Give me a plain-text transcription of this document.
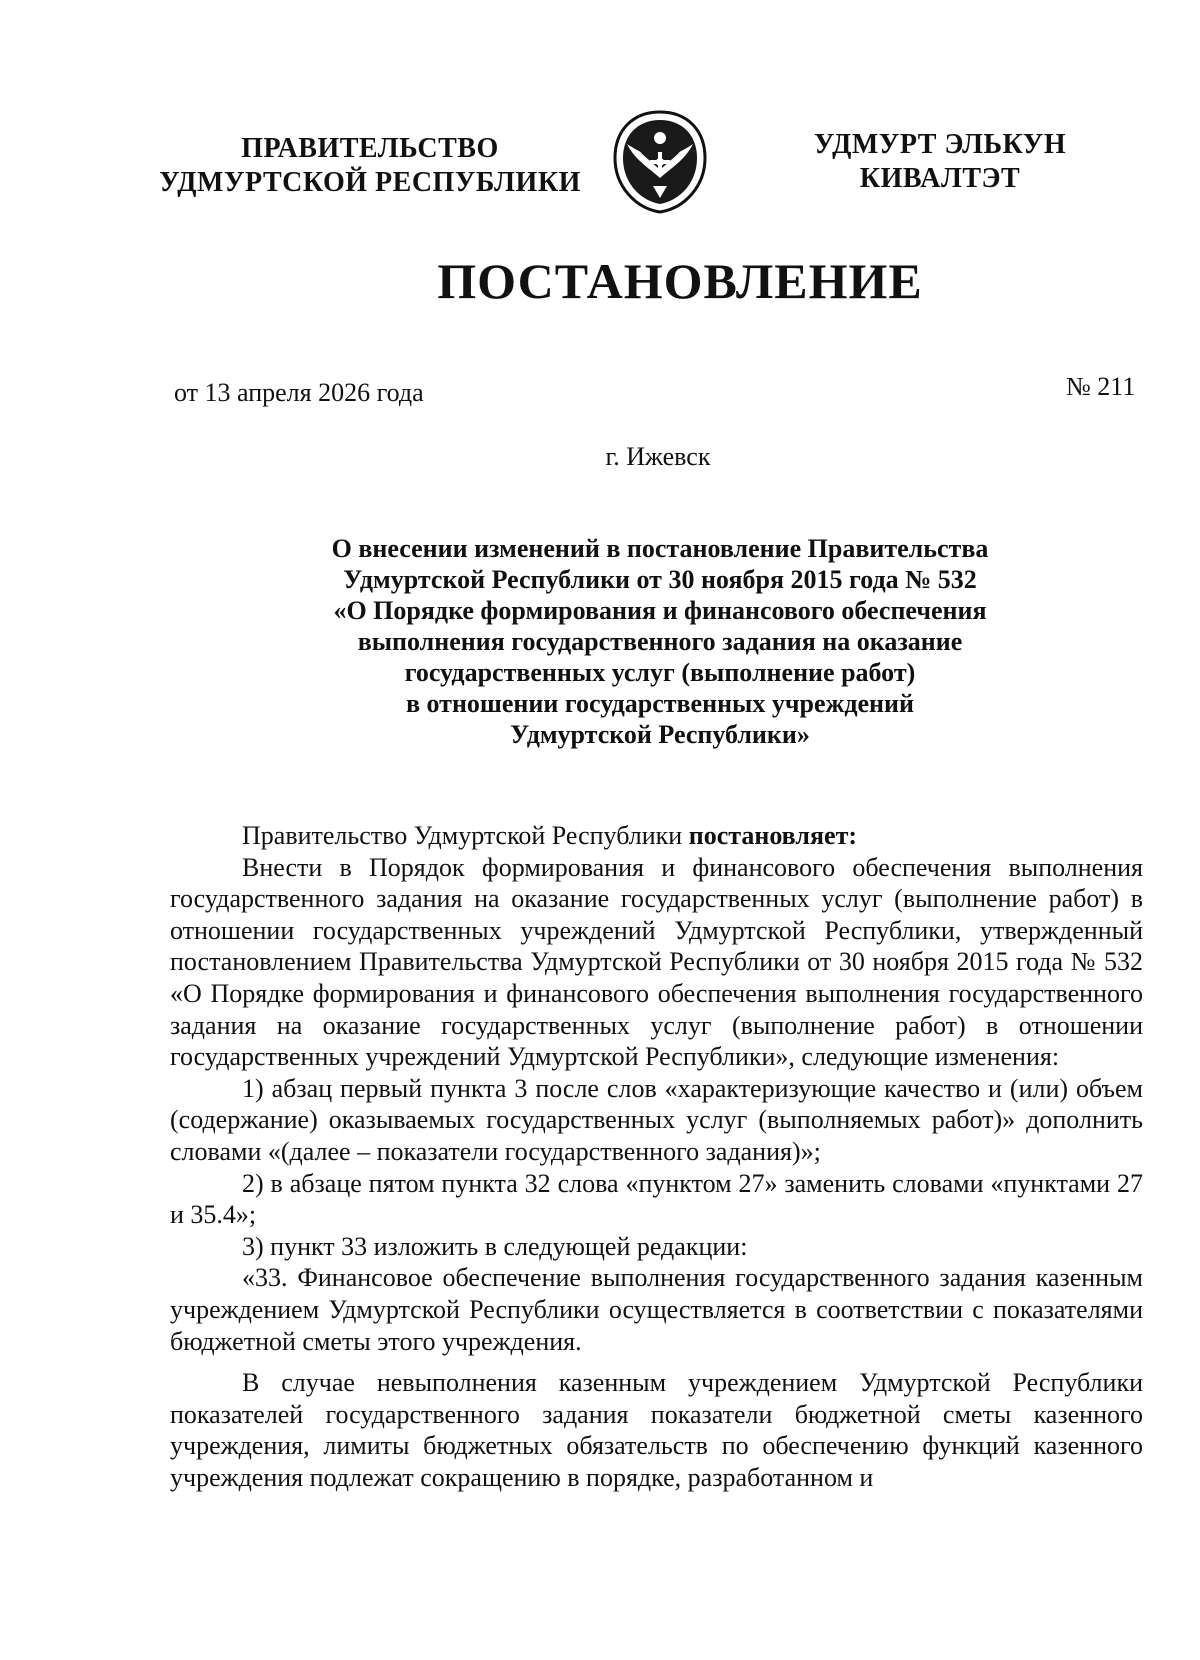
ПРАВИТЕЛЬСТВО
УДМУРТСКОЙ РЕСПУБЛИКИ
УДМУРТ ЭЛЬКУН
КИВАЛТЭТ
ПОСТАНОВЛЕНИЕ
от 13 апреля 2026 года	№ 211
г. Ижевск
О внесении изменений в постановление Правительства
Удмуртской Республики от 30 ноября 2015 года № 532
«О Порядке формирования и финансового обеспечения
выполнения государственного задания на оказание
государственных услуг (выполнение работ)
в отношении государственных учреждений
Удмуртской Республики»

Правительство Удмуртской Республики постановляет:

Внести в Порядок формирования и финансового обеспечения выполнения государственного задания на оказание государственных услуг (выполнение работ) в отношении государственных учреждений Удмуртской Республики, утвержденный постановлением Правительства Удмуртской Республики от 30 ноября 2015 года № 532 «О Порядке формирования и финансового обеспечения выполнения государственного задания на оказание государственных услуг (выполнение работ) в отношении государственных учреждений Удмуртской Республики», следующие изменения:

1) абзац первый пункта 3 после слов «характеризующие качество и (или) объем (содержание) оказываемых государственных услуг (выполняемых работ)» дополнить словами «(далее – показатели государственного задания)»;

2) в абзаце пятом пункта 32 слова «пунктом 27» заменить словами «пунктами 27 и 35.4»;

3) пункт 33 изложить в следующей редакции:

«33. Финансовое обеспечение выполнения государственного задания казенным учреждением Удмуртской Республики осуществляется в соответствии с показателями бюджетной сметы этого учреждения.

В случае невыполнения казенным учреждением Удмуртской Республики показателей государственного задания показатели бюджетной сметы казенного учреждения, лимиты бюджетных обязательств по обеспечению функций казенного учреждения подлежат сокращению в порядке, разработанном и
